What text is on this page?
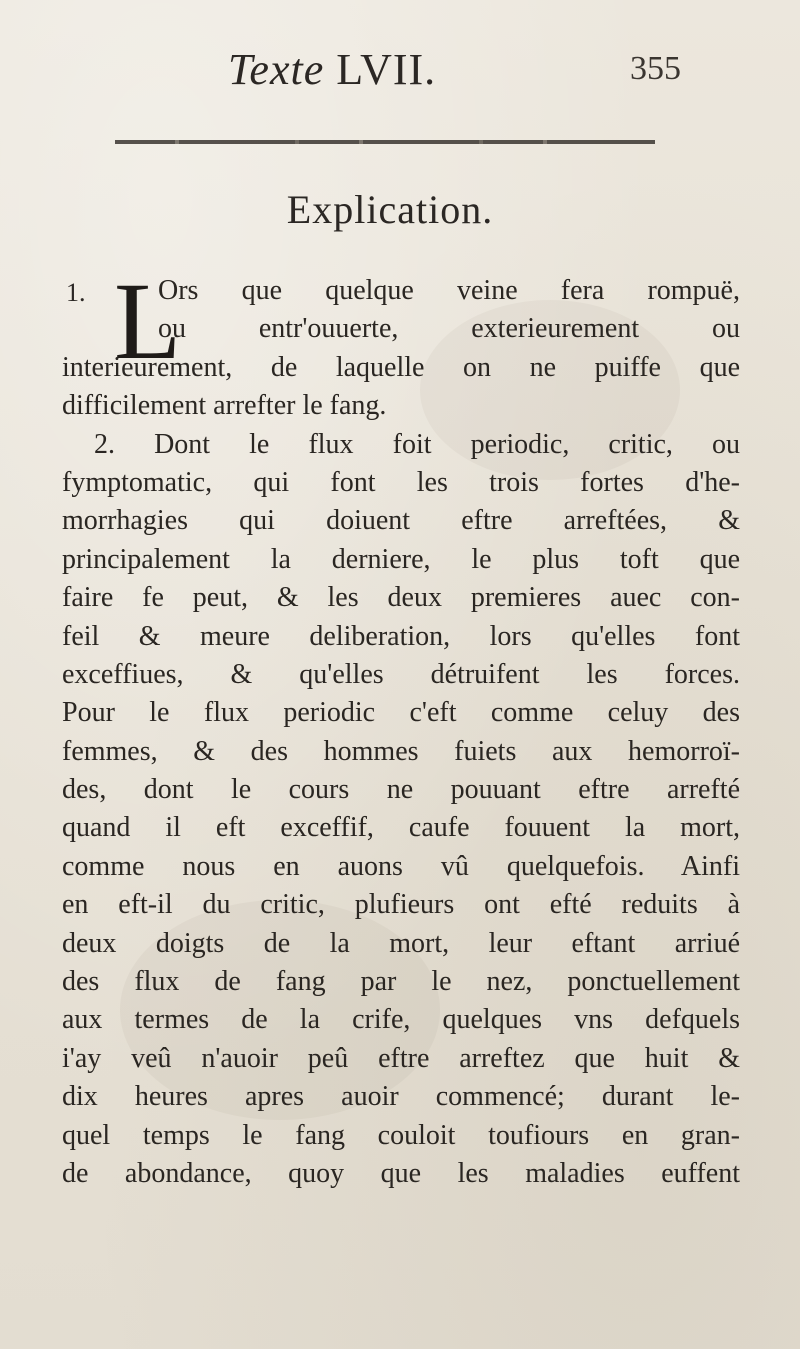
Texte LVII.	355
Explication.
1. L
Ors que quelque veine fera rompuë,
ou entr'ouuerte, exterieurement ou
interieurement, de laquelle on ne puiffe que
difficilement arrefter le fang.
2. Dont le flux foit periodic, critic, ou
fymptomatic, qui font les trois fortes d'he-
morrhagies qui doiuent eftre arreftées, &
principalement la derniere, le plus toft que
faire fe peut, & les deux premieres auec con-
feil & meure deliberation, lors qu'elles font
exceffiues, & qu'elles détruifent les forces.
Pour le flux periodic c'eft comme celuy des
femmes, & des hommes fuiets aux hemorroï-
des, dont le cours ne pouuant eftre arrefté
quand il eft exceffif, caufe fouuent la mort,
comme nous en auons vû quelquefois. Ainfi
en eft-il du critic, plufieurs ont efté reduits à
deux doigts de la mort, leur eftant arriué
des flux de fang par le nez, ponctuellement
aux termes de la crife, quelques vns defquels
i'ay veû n'auoir peû eftre arreftez que huit &
dix heures apres auoir commencé; durant le-
quel temps le fang couloit toufiours en gran-
de abondance, quoy que les maladies euffent
